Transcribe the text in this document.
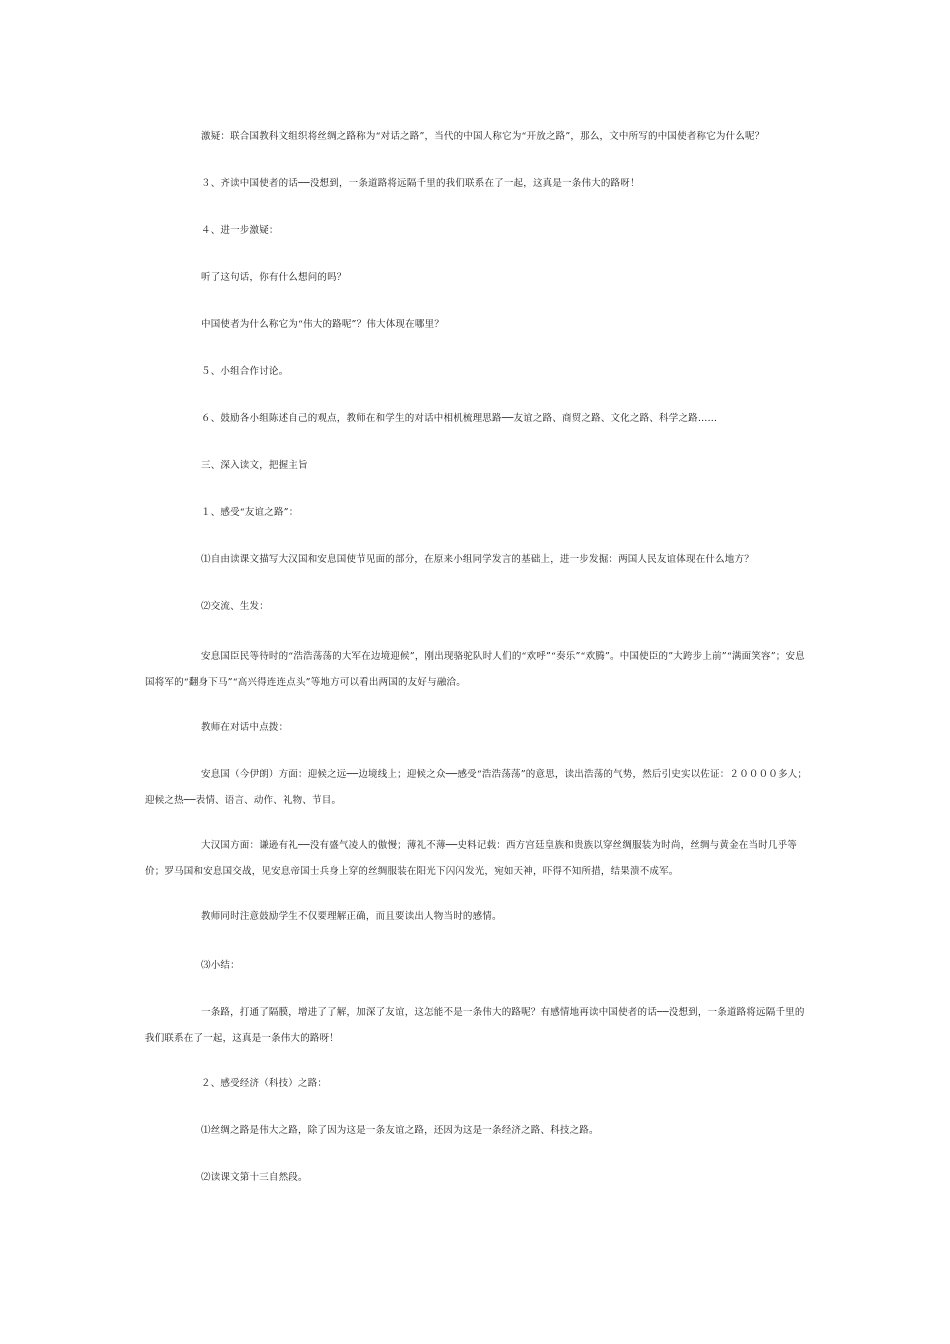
激疑：联合国教科文组织将丝绸之路称为“对话之路”，当代的中国人称它为“开放之路”，那么，文中所写的中国使者称它为什么呢？

３、齐读中国使者的话──没想到，一条道路将远隔千里的我们联系在了一起，这真是一条伟大的路呀！

４、进一步激疑：

听了这句话，你有什么想问的吗？

中国使者为什么称它为“伟大的路呢”？伟大体现在哪里？

５、小组合作讨论。

６、鼓励各小组陈述自己的观点，教师在和学生的对话中相机梳理思路──友谊之路、商贸之路、文化之路、科学之路……

三、深入读文，把握主旨

１、感受“友谊之路”：

⑴自由读课文描写大汉国和安息国使节见面的部分，在原来小组同学发言的基础上，进一步发掘：两国人民友谊体现在什么地方？

⑵交流、生发：

安息国臣民等待时的“浩浩荡荡的大军在边境迎候”，刚出现骆驼队时人们的“欢呼”“奏乐”“欢腾”。中国使臣的”大跨步上前”“满面笑容”；安息国将军的“翻身下马”“高兴得连连点头”等地方可以看出两国的友好与融洽。

教师在对话中点拨：

安息国（今伊朗）方面：迎候之远──边境线上；迎候之众──感受“浩浩荡荡”的意思，读出浩荡的气势，然后引史实以佐证：２００００多人；迎候之热──表情、语言、动作、礼物、节目。

大汉国方面：谦逊有礼──没有盛气凌人的傲慢；薄礼不薄──史料记载：西方宫廷皇族和贵族以穿丝绸服装为时尚，丝绸与黄金在当时几乎等价；罗马国和安息国交战，见安息帝国士兵身上穿的丝绸服装在阳光下闪闪发光，宛如天神，吓得不知所措，结果溃不成军。

教师同时注意鼓励学生不仅要理解正确，而且要读出人物当时的感情。

⑶小结：

一条路，打通了隔膜，增进了了解，加深了友谊，这怎能不是一条伟大的路呢？有感情地再读中国使者的话──没想到，一条道路将远隔千里的我们联系在了一起，这真是一条伟大的路呀！

２、感受经济（科技）之路：

⑴丝绸之路是伟大之路，除了因为这是一条友谊之路，还因为这是一条经济之路、科技之路。

⑵读课文第十三自然段。
